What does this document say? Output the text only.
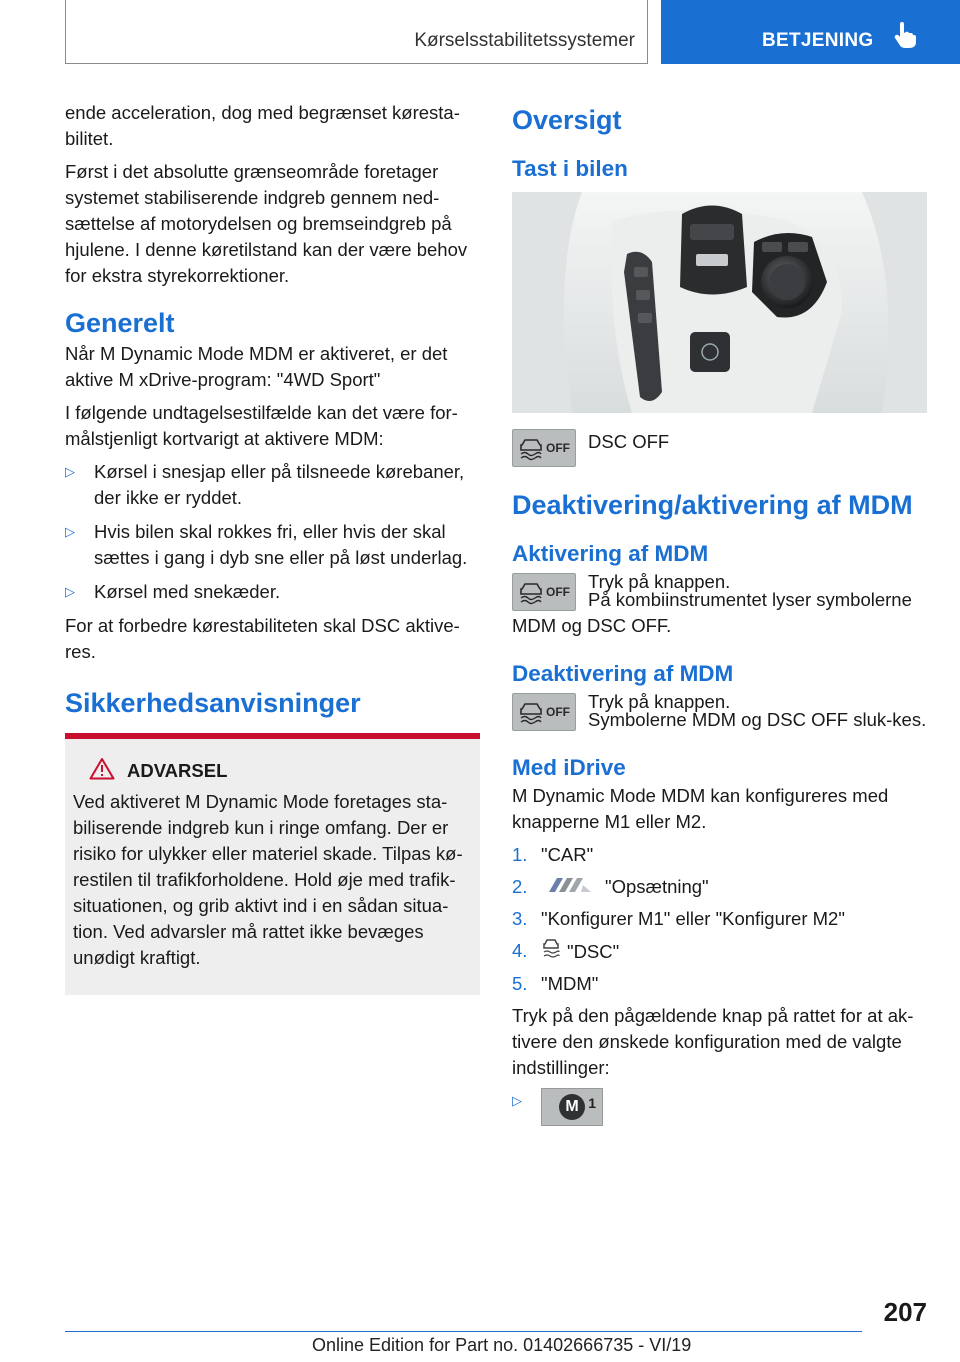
Kørselsstabilitetssystemer	BETJENING

ende acceleration, dog med begrænset køresta-bilitet.

Først i det absolutte grænseområde foretager systemet stabiliserende indgreb gennem ned-sættelse af motorydelsen og bremseindgreb på hjulene. I denne køretilstand kan der være behov for ekstra styrekorrektioner.

Generelt

Når M Dynamic Mode MDM er aktiveret, er det aktive M xDrive-program: "4WD Sport"

I følgende undtagelsestilfælde kan det være for-målstjenligt kortvarigt at aktivere MDM:

▷ Kørsel i snesjap eller på tilsneede kørebaner, der ikke er ryddet.
▷ Hvis bilen skal rokkes fri, eller hvis der skal sættes i gang i dyb sne eller på løst underlag.
▷ Kørsel med snekæder.

For at forbedre kørestabiliteten skal DSC aktive-res.

Sikkerhedsanvisninger
ADVARSEL

Ved aktiveret M Dynamic Mode foretages sta-biliserende indgreb kun i ringe omfang. Der er risiko for ulykker eller materiel skade. Tilpas kø-restilen til trafikforholdene. Hold øje med trafik-situationen, og grib aktivt ind i en sådan situa-tion. Ved advarsler må rattet ikke bevæges unødigt kraftigt.

Oversigt
Tast i bilen
OFF DSC OFF

Deaktivering/aktivering af MDM
Aktivering af MDM
OFF Tryk på knappen.

På kombiinstrumentet lyser symbolerne MDM og DSC OFF.

Deaktivering af MDM
OFF Tryk på knappen.

Symbolerne MDM og DSC OFF sluk-kes.

Med iDrive

M Dynamic Mode MDM kan konfigureres med knapperne M1 eller M2.

1. "CAR"
2.	"Opsætning"
3. "Konfigurer M1" eller "Konfigurer M2"
4. "DSC"
5. "MDM"

Tryk på den pågældende knap på rattet for at ak-tivere den ønskede konfiguration med de valgte indstillinger:

▷	M 1
207
Online Edition for Part no. 01402666735 - VI/19
